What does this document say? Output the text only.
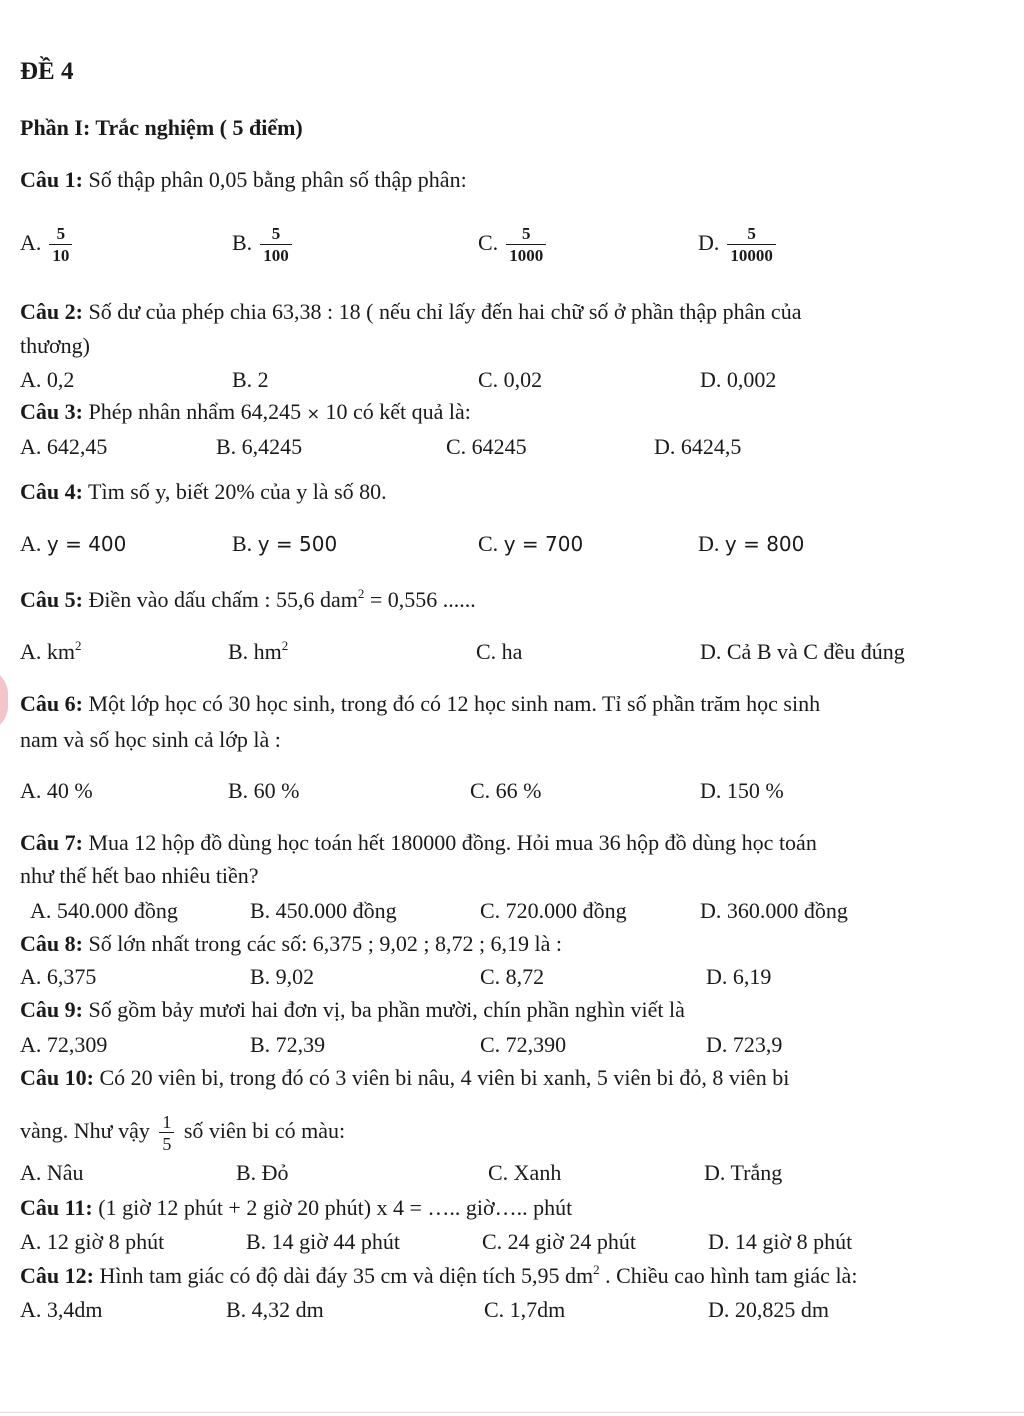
ĐỀ 4
Phần I: Trắc nghiệm ( 5 điểm)
Câu 1: Số thập phân 0,05 bằng phân số thập phân:
A. $\frac{5}{10}$	B. $\frac{5}{100}$	C. $\frac{5}{1000}$	D. $\frac{5}{10000}$
Câu 2: Số dư của phép chia 63,38 : 18 ( nếu chỉ lấy đến hai chữ số ở phần thập phân của
thương)
A. 0,2	B. 2	C. 0,02	D. 0,002
Câu 3: Phép nhân nhẩm 64,245 × 10 có kết quả là:
A. 642,45	B. 6,4245	C. 64245	D. 6424,5
Câu 4: Tìm số y, biết 20% của y là số 80.
A. y = 400	B. y = 500	C. y = 700	D. y = 800
Câu 5: Điền vào dấu chấm : 55,6 dam$^2$ = 0,556 ......
A. $km^2$	B. $hm^2$	C. ha	D. Cả B và C đều đúng
Câu 6: Một lớp học có 30 học sinh, trong đó có 12 học sinh nam. Tỉ số phần trăm học sinh
nam và số học sinh cả lớp là :
A. 40 %	B. 60 %	C. 66 %	D. 150 %
Câu 7: Mua 12 hộp đồ dùng học toán hết 180000 đồng. Hỏi mua 36 hộp đồ dùng học toán
như thế hết bao nhiêu tiền?
A. 540.000 đồng	B. 450.000 đồng	C. 720.000 đồng	D. 360.000 đồng
Câu 8: Số lớn nhất trong các số: 6,375 ; 9,02 ; 8,72 ; 6,19 là :
A. 6,375	B. 9,02	C. 8,72	D. 6,19
Câu 9: Số gồm bảy mươi hai đơn vị, ba phần mười, chín phần nghìn viết là
A. 72,309	B. 72,39	C. 72,390	D. 723,9
Câu 10: Có 20 viên bi, trong đó có 3 viên bi nâu, 4 viên bi xanh, 5 viên bi đỏ, 8 viên bi
vàng. Như vậy $\frac{1}{5}$ số viên bi có màu:
A. Nâu	B. Đỏ	C. Xanh	D. Trắng
Câu 11: (1 giờ 12 phút + 2 giờ 20 phút) x 4 = ….. giờ….. phút
A. 12 giờ 8 phút	B. 14 giờ 44 phút	C. 24 giờ 24 phút	D. 14 giờ 8 phút
Câu 12: Hình tam giác có độ dài đáy 35 cm và diện tích 5,95 $dm^2$ . Chiều cao hình tam giác là:
A. 3,4dm	B. 4,32 dm	C. 1,7dm	D. 20,825 dm
